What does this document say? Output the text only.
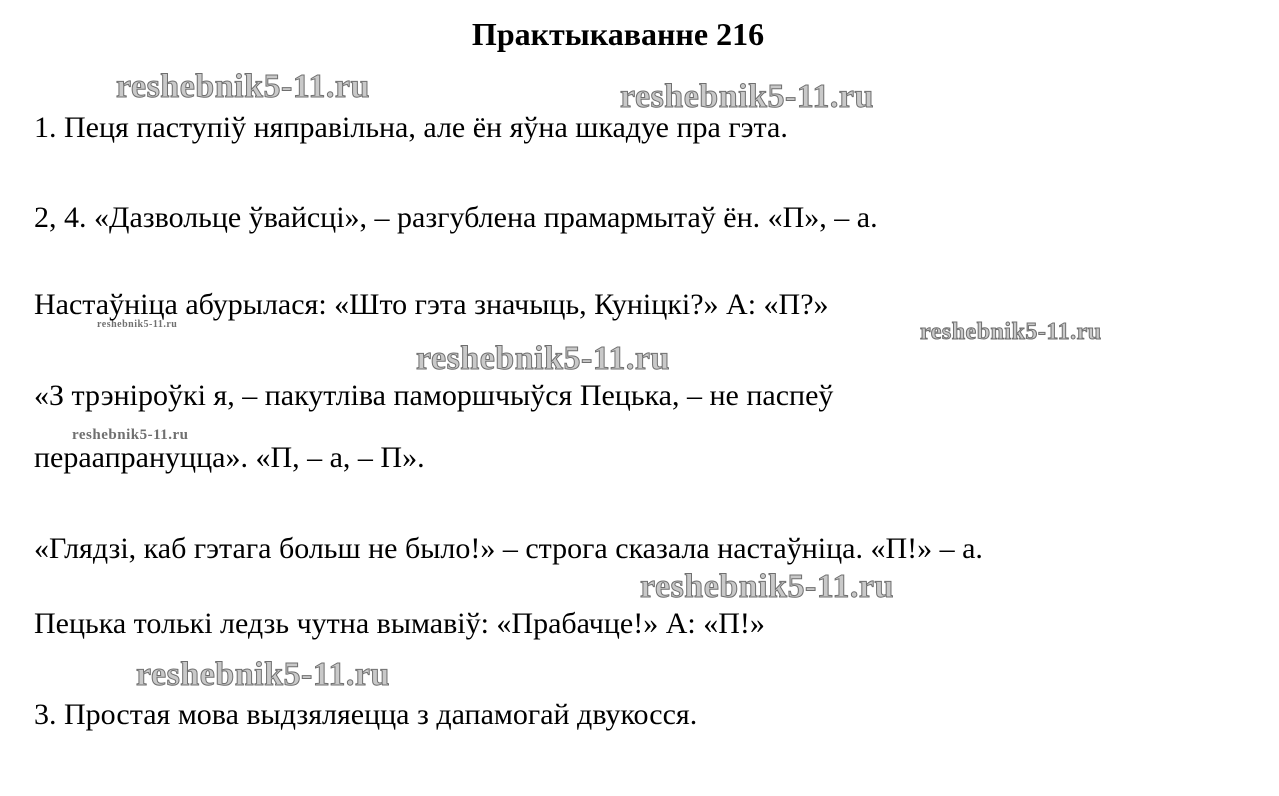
Практыкаванне 216
reshebnik5-11.ru	reshebnik5-11.ru
reshebnik5-11.ru	reshebnik5-11.ru
reshebnik5-11.ru
reshebnik5-11.ru
reshebnik5-11.ru
reshebnik5-11.ru
1. Пеця паступіў няправільна, але ён яўна шкадуе пра гэта.
2, 4. «Дазвольце ўвайсці», – разгублена прамармытаў ён. «П», – а.
Настаўніца абурылася: «Што гэта значыць, Куніцкі?» А: «П?»
«З трэніроўкі я, – пакутліва паморшчыўся Пецька, – не паспеў
пераапрануцца». «П, – а, – П».
«Глядзі, каб гэтага больш не было!» – строга сказала настаўніца. «П!» – а.
Пецька толькі ледзь чутна вымавіў: «Прабачце!» А: «П!»
3. Простая мова выдзяляецца з дапамогай двукосся.
